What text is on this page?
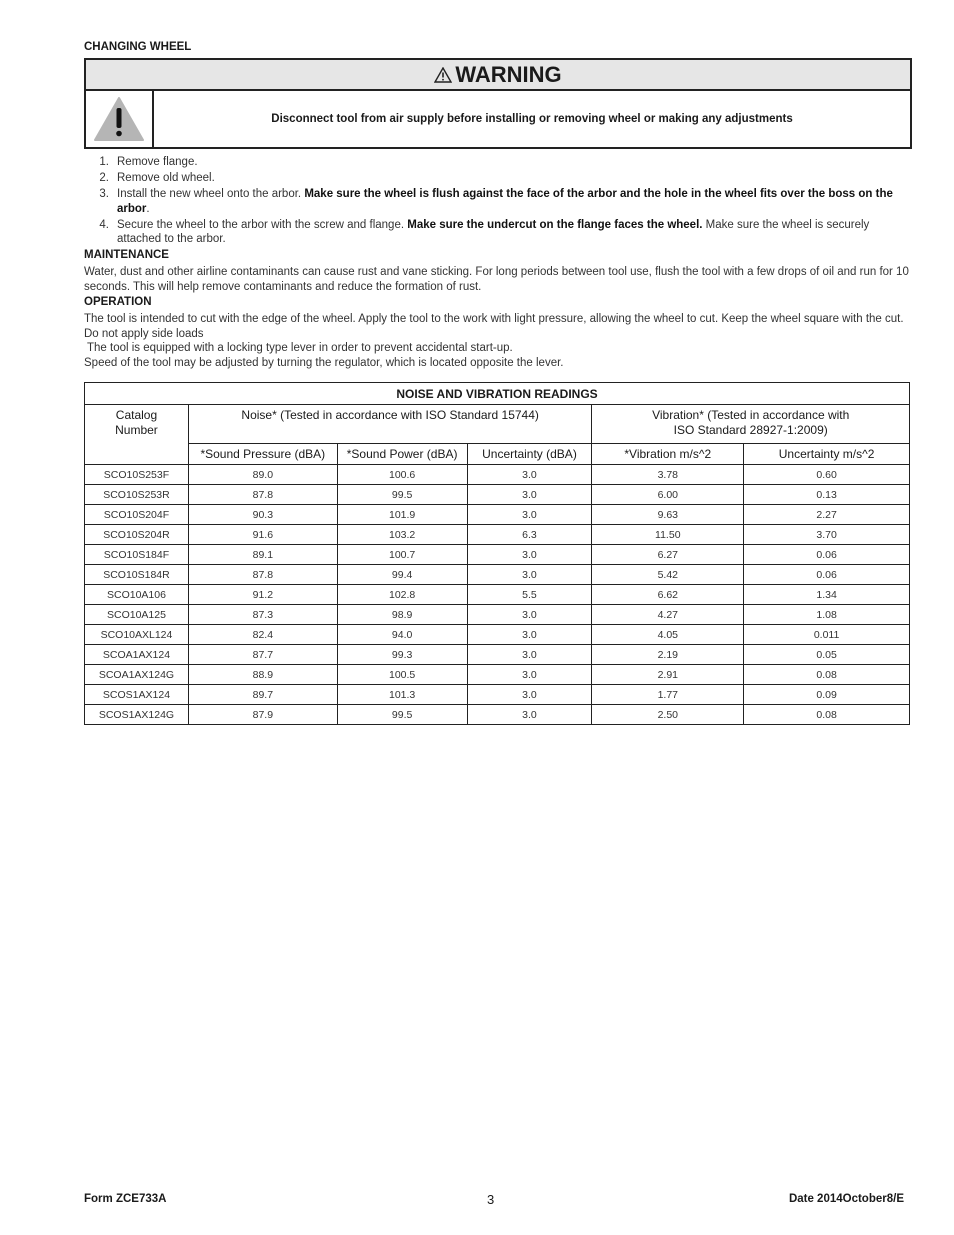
CHANGING WHEEL
WARNING
Disconnect tool from air supply before installing or removing wheel or making any adjustments
1. Remove flange.
2. Remove old wheel.
3. Install the new wheel onto the arbor. Make sure the wheel is flush against the face of the arbor and the hole in the wheel fits over the boss on the arbor.
4. Secure the wheel to the arbor with the screw and flange. Make sure the undercut on the flange faces the wheel. Make sure the wheel is securely attached to the arbor.
MAINTENANCE
Water, dust and other airline contaminants can cause rust and vane sticking. For long periods between tool use, flush the tool with a few drops of oil and run for 10 seconds. This will help remove contaminants and reduce the formation of rust.
OPERATION
The tool is intended to cut with the edge of the wheel. Apply the tool to the work with light pressure, allowing the wheel to cut. Keep the wheel square with the cut. Do not apply side loads
The tool is equipped with a locking type lever in order to prevent accidental start-up.
Speed of the tool may be adjusted by turning the regulator, which is located opposite the lever.
NOISE AND VIBRATION READINGS					
Catalog Number	Noise* (Tested in accordance with ISO Standard 15744)			Vibration* (Tested in accordance with
ISO Standard 28927-1:2009)	

	*Sound Pressure (dBA)	*Sound Power (dBA)	Uncertainty (dBA)	*Vibration m/s^2	Uncertainty m/s^2
SCO10S253F	89.0	100.6	3.0	3.78	0.60
SCO10S253R	87.8	99.5	3.0	6.00	0.13
SCO10S204F	90.3	101.9	3.0	9.63	2.27
SCO10S204R	91.6	103.2	6.3	11.50	3.70
SCO10S184F	89.1	100.7	3.0	6.27	0.06
SCO10S184R	87.8	99.4	3.0	5.42	0.06
SCO10A106	91.2	102.8	5.5	6.62	1.34
SCO10A125	87.3	98.9	3.0	4.27	1.08
SCO10AXL124	82.4	94.0	3.0	4.05	0.011
SCOA1AX124	87.7	99.3	3.0	2.19	0.05
SCOA1AX124G	88.9	100.5	3.0	2.91	0.08
SCOS1AX124	89.7	101.3	3.0	1.77	0.09
SCOS1AX124G	87.9	99.5	3.0	2.50	0.08
Form ZCE733A	3	Date 2014October8/E
